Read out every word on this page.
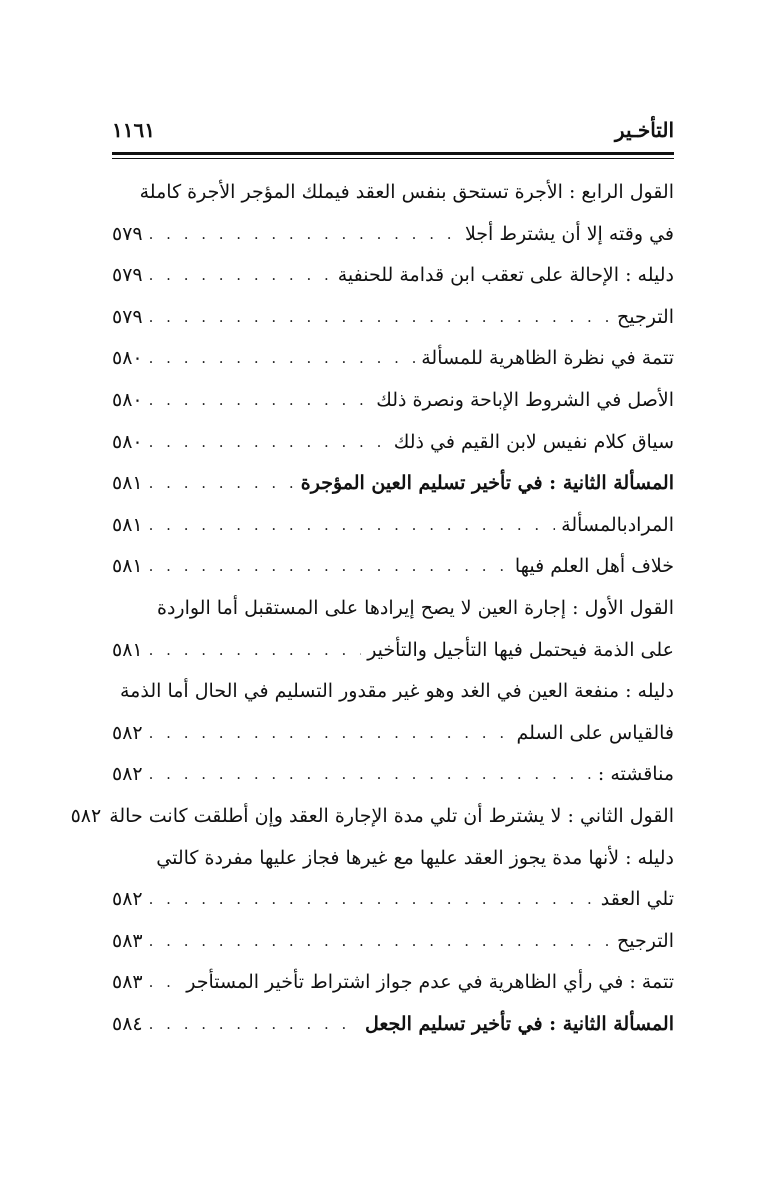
١١٦١	التأخـير
القول الرابع : الأجرة تستحق بنفس العقد فيملك المؤجر الأجرة كاملة
في وقته إلا أن يشترط أجلا
. . .
٥٧٩
دليله : الإحالة على تعقب ابن قدامة للحنفية
. . .
٥٧٩
الترجيح
. . .
٥٧٩
تتمة في نظرة الظاهرية للمسألة
. . .
٥٨٠
الأصل في الشروط الإباحة ونصرة ذلك
. . .
٥٨٠
سياق كلام نفيس لابن القيم في ذلك
. . .
٥٨٠
المسألة الثانية : في تأخير تسليم العين المؤجرة
. . .
٥٨١
المرادبالمسألة
. . .
٥٨١
خلاف أهل العلم فيها
. . .
٥٨١
القول الأول : إجارة العين لا يصح إيرادها على المستقبل أما الواردة
على الذمة فيحتمل فيها التأجيل والتأخير
. . .
٥٨١
دليله : منفعة العين في الغد وهو غير مقدور التسليم في الحال أما الذمة
فالقياس على السلم
. . .
٥٨٢
مناقشته :
. . .
٥٨٢
القول الثاني : لا يشترط أن تلي مدة الإجارة العقد وإن أطلقت كانت حالة
٥٨٢
دليله : لأنها مدة يجوز العقد عليها مع غيرها فجاز عليها مفردة كالتي
تلي العقد
. . .
٥٨٢
الترجيح
. . .
٥٨٣
تتمة : في رأي الظاهرية في عدم جواز اشتراط تأخير المستأجر
. . .
٥٨٣
المسألة الثانية : في تأخير تسليم الجعل
. . .
٥٨٤
